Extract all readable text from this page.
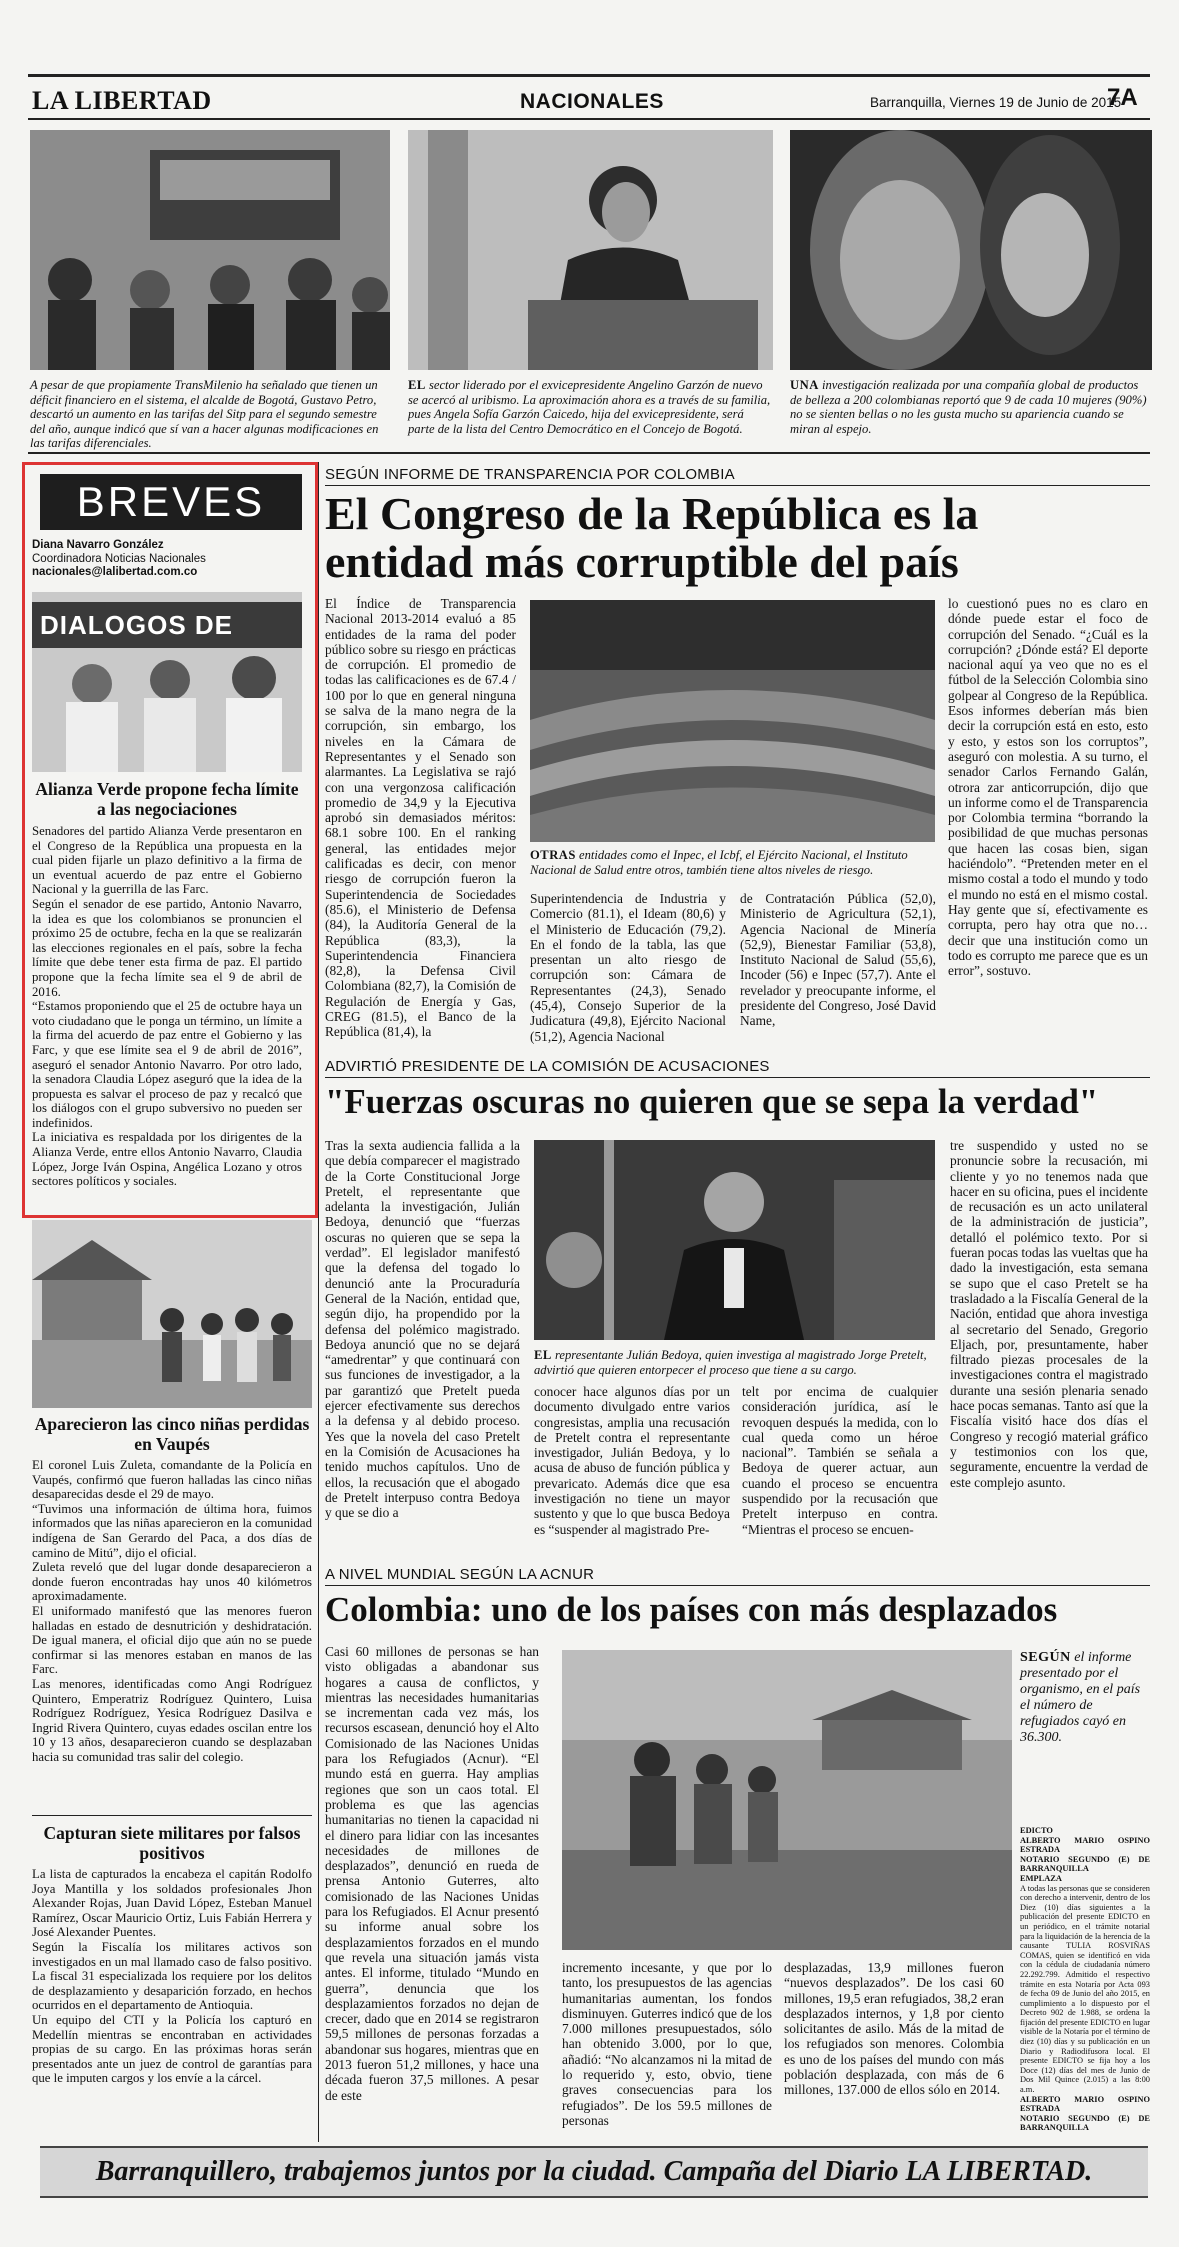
LA LIBERTAD	NACIONALES	Barranquilla, Viernes 19 de Junio de 2015
7A
A pesar de que propiamente TransMilenio ha señalado que tienen un déficit financiero en el sistema, el alcalde de Bogotá, Gustavo Petro, descartó un aumento en las tarifas del Sitp para el segundo semestre del año, aunque indicó que sí van a hacer algunas modificaciones en las tarifas diferenciales.
EL sector liderado por el exvicepresidente Angelino Garzón de nuevo se acercó al uribismo. La aproximación ahora es a través de su familia, pues Angela Sofía Garzón Caicedo, hija del exvicepresidente, será parte de la lista del Centro Democrático en el Concejo de Bogotá.
UNA investigación realizada por una compañía global de productos de belleza a 200 colombianas reportó que 9 de cada 10 mujeres (90%) no se sienten bellas o no les gusta mucho su apariencia cuando se miran al espejo.
BREVES
Diana Navarro González
Coordinadora Noticias Nacionales
nacionales@lalibertad.com.co
DIALOGOS DE
Alianza Verde propone fecha límite a las negociaciones

Senadores del partido Alianza Verde presentaron en el Congreso de la República una propuesta en la cual piden fijarle un plazo definitivo a la firma de un eventual acuerdo de paz entre el Gobierno Nacional y la guerrilla de las Farc.

Según el senador de ese partido, Antonio Navarro, la idea es que los colombianos se pronuncien el próximo 25 de octubre, fecha en la que se realizarán las elecciones regionales en el país, sobre la fecha límite que debe tener esta firma de paz. El partido propone que la fecha límite sea el 9 de abril de 2016.

“Estamos proponiendo que el 25 de octubre haya un voto ciudadano que le ponga un término, un límite a la firma del acuerdo de paz entre el Gobierno y las Farc, y que ese límite sea el 9 de abril de 2016”, aseguró el senador Antonio Navarro. Por otro lado, la senadora Claudia López aseguró que la idea de la propuesta es salvar el proceso de paz y recalcó que los diálogos con el grupo subversivo no pueden ser indefinidos.

La iniciativa es respaldada por los dirigentes de la Alianza Verde, entre ellos Antonio Navarro, Claudia López, Jorge Iván Ospina, Angélica Lozano y otros sectores políticos y sociales.

Aparecieron las cinco niñas perdidas en Vaupés

El coronel Luis Zuleta, comandante de la Policía en Vaupés, confirmó que fueron halladas las cinco niñas desaparecidas desde el 29 de mayo.

“Tuvimos una información de última hora, fuimos informados que las niñas aparecieron en la comunidad indígena de San Gerardo del Paca, a dos días de camino de Mitú”, dijo el oficial.

Zuleta reveló que del lugar donde desaparecieron a donde fueron encontradas hay unos 40 kilómetros aproximadamente.

El uniformado manifestó que las menores fueron halladas en estado de desnutrición y deshidratación. De igual manera, el oficial dijo que aún no se puede confirmar si las menores estaban en manos de las Farc.

Las menores, identificadas como Angi Rodríguez Quintero, Emperatriz Rodríguez Quintero, Luisa Rodríguez Rodríguez, Yesica Rodríguez Dasilva e Ingrid Rivera Quintero, cuyas edades oscilan entre los 10 y 13 años, desaparecieron cuando se desplazaban hacia su comunidad tras salir del colegio.

Capturan siete militares por falsos positivos

La lista de capturados la encabeza el capitán Rodolfo Joya Mantilla y los soldados profesionales Jhon Alexander Rojas, Juan David López, Esteban Manuel Ramírez, Oscar Mauricio Ortiz, Luis Fabián Herrera y José Alexander Puentes.

Según la Fiscalía los militares activos son investigados en un mal llamado caso de falso positivo. La fiscal 31 especializada los requiere por los delitos de desplazamiento y desaparición forzado, en hechos ocurridos en el departamento de Antioquia.

Un equipo del CTI y la Policía los capturó en Medellín mientras se encontraban en actividades propias de su cargo. En las próximas horas serán presentados ante un juez de control de garantías para que le imputen cargos y los envíe a la cárcel.

SEGÚN INFORME DE TRANSPARENCIA POR COLOMBIA
El Congreso de la República es la
entidad más corruptible del país
El Índice de Transparencia Nacional 2013-2014 evaluó a 85 entidades de la rama del poder público sobre su riesgo en prácticas de corrupción. El promedio de todas las calificaciones es de 67.4 / 100 por lo que en general ninguna se salva de la mano negra de la corrupción, sin embargo, los niveles en la Cámara de Representantes y el Senado son alarmantes. La Legislativa se rajó con una vergonzosa calificación promedio de 34,9 y la Ejecutiva aprobó sin demasiados méritos: 68.1 sobre 100. En el ranking general, las entidades mejor calificadas es decir, con menor riesgo de corrupción fueron la Superintendencia de Sociedades (85.6), el Ministerio de Defensa (84), la Auditoría General de la República (83,3), la Superintendencia Financiera (82,8), la Defensa Civil Colombiana (82,7), la Comisión de Regulación de Energía y Gas, CREG (81.5), el Banco de la República (81,4), la
OTRAS entidades como el Inpec, el Icbf, el Ejército Nacional, el Instituto Nacional de Salud entre otros, también tiene altos niveles de riesgo.
Superintendencia de Industria y Comercio (81.1), el Ideam (80,6) y el Ministerio de Educación (79,2). En el fondo de la tabla, las que presentan un alto riesgo de corrupción son: Cámara de Representantes (24,3), Senado (45,4), Consejo Superior de la Judicatura (49,8), Ejército Nacional (51,2), Agencia Nacional
de Contratación Pública (52,0), Ministerio de Agricultura (52,1), Agencia Nacional de Minería (52,9), Bienestar Familiar (53,8), Instituto Nacional de Salud (55,6), Incoder (56) e Inpec (57,7). Ante el revelador y preocupante informe, el presidente del Congreso, José David Name,
lo cuestionó pues no es claro en dónde puede estar el foco de corrupción del Senado. “¿Cuál es la corrupción? ¿Dónde está? El deporte nacional aquí ya veo que no es el fútbol de la Selección Colombia sino golpear al Congreso de la República. Esos informes deberían más bien decir la corrupción está en esto, esto y esto, y estos son los corruptos”, aseguró con molestia. A su turno, el senador Carlos Fernando Galán, otrora zar anticorrupción, dijo que un informe como el de Transparencia por Colombia termina “borrando la posibilidad de que muchas personas que hacen las cosas bien, sigan haciéndolo”. “Pretenden meter en el mismo costal a todo el mundo y todo el mundo no está en el mismo costal. Hay gente que sí, efectivamente es corrupta, pero hay otra que no…decir que una institución como un todo es corrupto me parece que es un error”, sostuvo.
ADVIRTIÓ PRESIDENTE DE LA COMISIÓN DE ACUSACIONES
"Fuerzas oscuras no quieren que se sepa la verdad"
Tras la sexta audiencia fallida a la que debía comparecer el magistrado de la Corte Constitucional Jorge Pretelt, el representante que adelanta la investigación, Julián Bedoya, denunció que “fuerzas oscuras no quieren que se sepa la verdad”. El legislador manifestó que la defensa del togado lo denunció ante la Procuraduría General de la Nación, entidad que, según dijo, ha propendido por la defensa del polémico magistrado. Bedoya anunció que no se dejará “amedrentar” y que continuará con sus funciones de investigador, a la par garantizó que Pretelt pueda ejercer efectivamente sus derechos a la defensa y al debido proceso. Yes que la novela del caso Pretelt en la Comisión de Acusaciones ha tenido muchos capítulos. Uno de ellos, la recusación que el abogado de Pretelt interpuso contra Bedoya y que se dio a
EL representante Julián Bedoya, quien investiga al magistrado Jorge Pretelt, advirtió que quieren entorpecer el proceso que tiene a su cargo.
conocer hace algunos días por un documento divulgado entre varios congresistas, amplia una recusación de Pretelt contra el representante investigador, Julián Bedoya, y lo acusa de abuso de función pública y prevaricato. Además dice que esa investigación no tiene un mayor sustento y que lo que busca Bedoya es “suspender al magistrado Pre-
telt por encima de cualquier consideración jurídica, así le revoquen después la medida, con lo cual queda como un héroe nacional”. También se señala a Bedoya de querer actuar, aun cuando el proceso se encuentra suspendido por la recusación que Pretelt interpuso en contra. “Mientras el proceso se encuen-
tre suspendido y usted no se pronuncie sobre la recusación, mi cliente y yo no tenemos nada que hacer en su oficina, pues el incidente de recusación es un acto unilateral de la administración de justicia”, detalló el polémico texto. Por si fueran pocas todas las vueltas que ha dado la investigación, esta semana se supo que el caso Pretelt se ha trasladado a la Fiscalía General de la Nación, entidad que ahora investiga al secretario del Senado, Gregorio Eljach, por, presuntamente, haber filtrado piezas procesales de la investigaciones contra el magistrado durante una sesión plenaria senado hace pocas semanas. Tanto así que la Fiscalía visitó hace dos días el Congreso y recogió material gráfico y testimonios con los que, seguramente, encuentre la verdad de este complejo asunto.
A NIVEL MUNDIAL SEGÚN LA ACNUR
Colombia: uno de los países con más desplazados
Casi 60 millones de personas se han visto obligadas a abandonar sus hogares a causa de conflictos, y mientras las necesidades humanitarias se incrementan cada vez más, los recursos escasean, denunció hoy el Alto Comisionado de las Naciones Unidas para los Refugiados (Acnur). “El mundo está en guerra. Hay amplias regiones que son un caos total. El problema es que las agencias humanitarias no tienen la capacidad ni el dinero para lidiar con las incesantes necesidades de millones de desplazados”, denunció en rueda de prensa Antonio Guterres, alto comisionado de las Naciones Unidas para los Refugiados. El Acnur presentó su informe anual sobre los desplazamientos forzados en el mundo que revela una situación jamás vista antes. El informe, titulado “Mundo en guerra”, denuncia que los desplazamientos forzados no dejan de crecer, dado que en 2014 se registraron 59,5 millones de personas forzadas a abandonar sus hogares, mientras que en 2013 fueron 51,2 millones, y hace una década fueron 37,5 millones. A pesar de este
SEGÚN el informe presentado por el organismo, en el país el número de refugiados cayó en 36.300.
incremento incesante, y que por lo tanto, los presupuestos de las agencias humanitarias aumentan, los fondos disminuyen. Guterres indicó que de los 7.000 millones presupuestados, sólo han obtenido 3.000, por lo que, añadió: “No alcanzamos ni la mitad de lo requerido y, esto, obvio, tiene graves consecuencias para los refugiados”. De los 59.5 millones de personas
desplazadas, 13,9 millones fueron “nuevos desplazados”. De los casi 60 millones, 19,5 eran refugiados, 38,2 eran desplazados internos, y 1,8 por ciento solicitantes de asilo. Más de la mitad de los refugiados son menores. Colombia es uno de los países del mundo con más población desplazada, con más de 6 millones, 137.000 de ellos sólo en 2014.
EDICTO
ALBERTO MARIO OSPINO ESTRADA
NOTARIO SEGUNDO (E) DE BARRANQUILLA
EMPLAZA
A todas las personas que se consideren con derecho a intervenir, dentro de los Diez (10) días siguientes a la publicación del presente EDICTO en un periódico, en el trámite notarial para la liquidación de la herencia de la causante TULIA ROSVIÑAS COMAS, quien se identificó en vida con la cédula de ciudadanía número 22.292.799. Admitido el respectivo trámite en esta Notaría por Acta 093 de fecha 09 de Junio del año 2015, en cumplimiento a lo dispuesto por el Decreto 902 de 1.988, se ordena la fijación del presente EDICTO en lugar visible de la Notaría por el término de diez (10) días y su publicación en un Diario y Radiodifusora local. El presente EDICTO se fija hoy a los Doce (12) días del mes de Junio de Dos Mil Quince (2.015) a las 8:00 a.m.
ALBERTO MARIO OSPINO ESTRADA
NOTARIO SEGUNDO (E) DE BARRANQUILLA
Barranquillero, trabajemos juntos por la ciudad. Campaña del Diario LA LIBERTAD.
